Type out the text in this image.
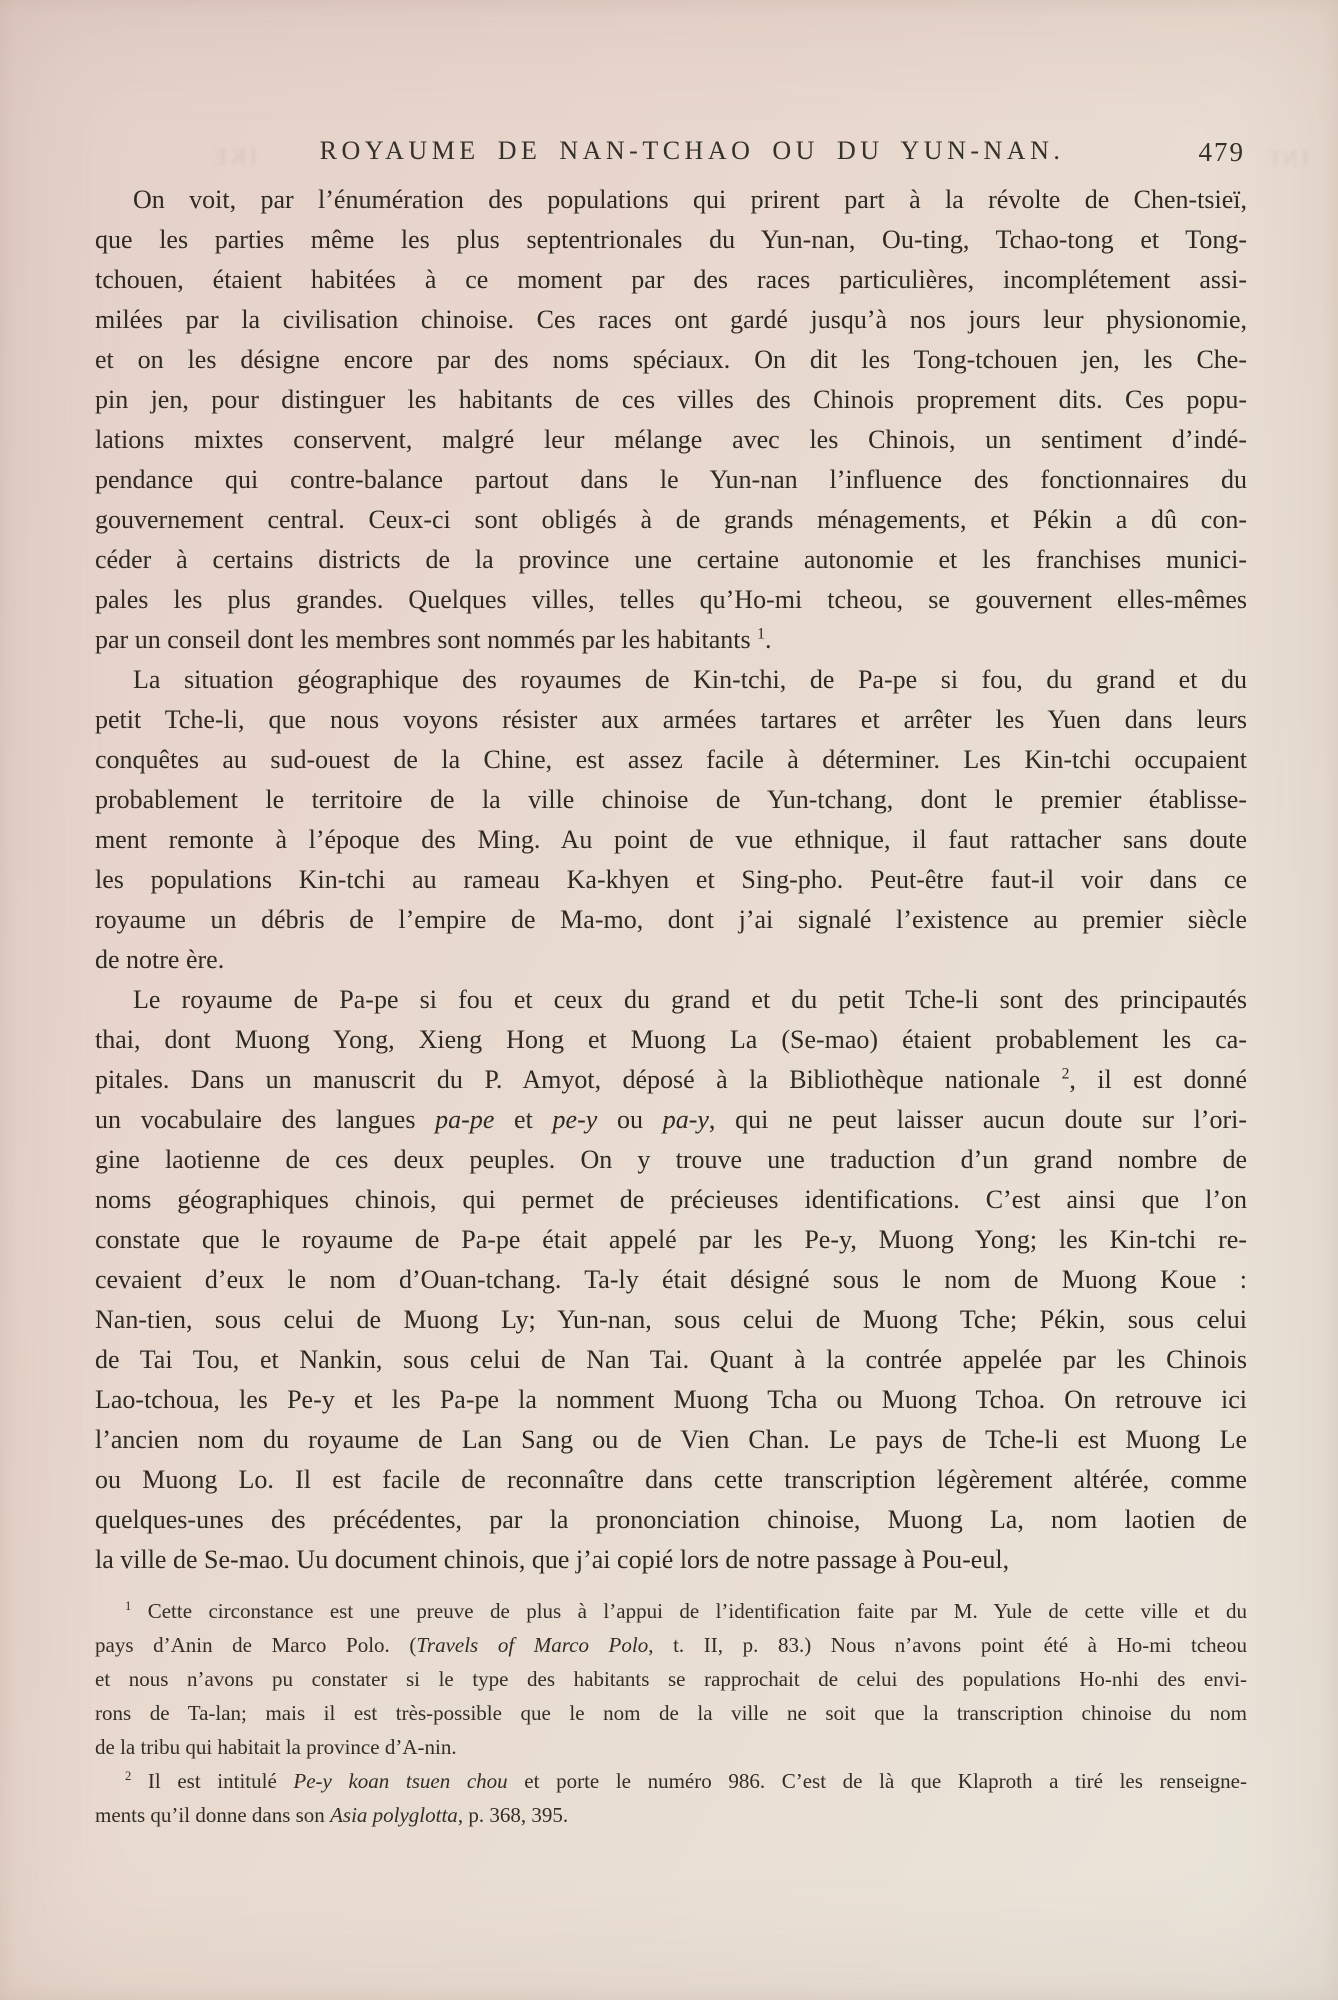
IKE	ROYAUME DE NAN-TCHAO OU DU YUN-NAN.	479 INE
On voit, par l’énumération des populations qui prirent part à la révolte de Chen-tsieï,
que les parties même les plus septentrionales du Yun-nan, Ou-ting, Tchao-tong et Tong-
tchouen, étaient habitées à ce moment par des races particulières, incomplétement assi-
milées par la civilisation chinoise. Ces races ont gardé jusqu’à nos jours leur physionomie,
et on les désigne encore par des noms spéciaux. On dit les Tong-tchouen jen, les Che-
pin jen, pour distinguer les habitants de ces villes des Chinois proprement dits. Ces popu-
lations mixtes conservent, malgré leur mélange avec les Chinois, un sentiment d’indé-
pendance qui contre-balance partout dans le Yun-nan l’influence des fonctionnaires du
gouvernement central. Ceux-ci sont obligés à de grands ménagements, et Pékin a dû con-
céder à certains districts de la province une certaine autonomie et les franchises munici-
pales les plus grandes. Quelques villes, telles qu’Ho-mi tcheou, se gouvernent elles-mêmes
par un conseil dont les membres sont nommés par les habitants $^1$.
La situation géographique des royaumes de Kin-tchi, de Pa-pe si fou, du grand et du
petit Tche-li, que nous voyons résister aux armées tartares et arrêter les Yuen dans leurs
conquêtes au sud-ouest de la Chine, est assez facile à déterminer. Les Kin-tchi occupaient
probablement le territoire de la ville chinoise de Yun-tchang, dont le premier établisse-
ment remonte à l’époque des Ming. Au point de vue ethnique, il faut rattacher sans doute
les populations Kin-tchi au rameau Ka-khyen et Sing-pho. Peut-être faut-il voir dans ce
royaume un débris de l’empire de Ma-mo, dont j’ai signalé l’existence au premier siècle
de notre ère.
Le royaume de Pa-pe si fou et ceux du grand et du petit Tche-li sont des principautés
thai, dont Muong Yong, Xieng Hong et Muong La (Se-mao) étaient probablement les ca-
pitales. Dans un manuscrit du P. Amyot, déposé à la Bibliothèque nationale $^2$, il est donné
un vocabulaire des langues pa-pe et pe-y ou pa-y, qui ne peut laisser aucun doute sur l’ori-
gine laotienne de ces deux peuples. On y trouve une traduction d’un grand nombre de
noms géographiques chinois, qui permet de précieuses identifications. C’est ainsi que l’on
constate que le royaume de Pa-pe était appelé par les Pe-y, Muong Yong; les Kin-tchi re-
cevaient d’eux le nom d’Ouan-tchang. Ta-ly était désigné sous le nom de Muong Koue :
Nan-tien, sous celui de Muong Ly; Yun-nan, sous celui de Muong Tche; Pékin, sous celui
de Tai Tou, et Nankin, sous celui de Nan Tai. Quant à la contrée appelée par les Chinois
Lao-tchoua, les Pe-y et les Pa-pe la nomment Muong Tcha ou Muong Tchoa. On retrouve ici
l’ancien nom du royaume de Lan Sang ou de Vien Chan. Le pays de Tche-li est Muong Le
ou Muong Lo. Il est facile de reconnaître dans cette transcription légèrement altérée, comme
quelques-unes des précédentes, par la prononciation chinoise, Muong La, nom laotien de
la ville de Se-mao. Uu document chinois, que j’ai copié lors de notre passage à Pou-eul,
$^1$ Cette circonstance est une preuve de plus à l’appui de l’identification faite par M. Yule de cette ville et du
pays d’Anin de Marco Polo. (Travels of Marco Polo, t. II, p. 83.) Nous n’avons point été à Ho-mi tcheou
et nous n’avons pu constater si le type des habitants se rapprochait de celui des populations Ho-nhi des envi-
rons de Ta-lan; mais il est très-possible que le nom de la ville ne soit que la transcription chinoise du nom
de la tribu qui habitait la province d’A-nin.
$^2$ Il est intitulé Pe-y koan tsuen chou et porte le numéro 986. C’est de là que Klaproth a tiré les renseigne-
ments qu’il donne dans son Asia polyglotta, p. 368, 395.
